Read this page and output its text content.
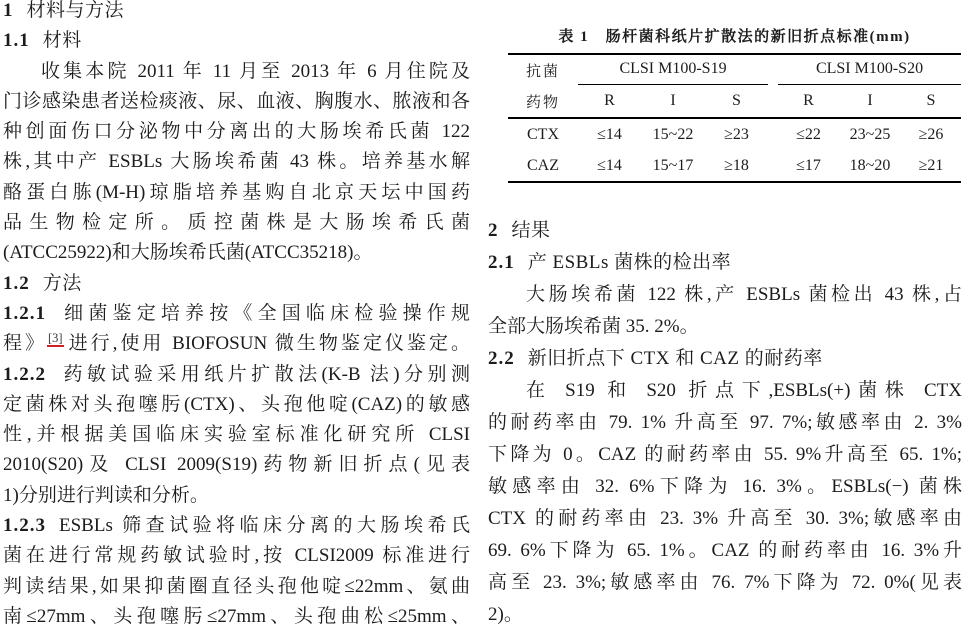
1 材料与方法
1.1 材料
收集本院 2011 年 11 月至 2013 年 6 月住院及
门诊感染患者送检痰液、尿、血液、胸腹水、脓液和各
种创面伤口分泌物中分离出的大肠埃希氏菌 122
株,其中产 ESBLs 大肠埃希菌 43 株。培养基水解
酪蛋白胨(M-H)琼脂培养基购自北京天坛中国药
品生物检定所。质控菌株是大肠埃希氏菌
(ATCC25922)和大肠埃希氏菌(ATCC35218)。
1.2 方法
1.2.1 细菌鉴定培养按《全国临床检验操作规
程》[3] 进行,使用 BIOFOSUN 微生物鉴定仪鉴定。
1.2.2 药敏试验采用纸片扩散法(K-B 法)分别测
定菌株对头孢噻肟(CTX)、头孢他啶(CAZ)的敏感
性,并根据美国临床实验室标准化研究所 CLSI
2010(S20)及 CLSI 2009(S19)药物新旧折点(见表
1)分别进行判读和分析。
1.2.3 ESBLs 筛查试验将临床分离的大肠埃希氏
菌在进行常规药敏试验时,按 CLSI2009 标准进行
判读结果,如果抑菌圈直径头孢他啶≤22mm、氨曲
南≤27mm、头孢噻肟≤27mm、头孢曲松≤25mm、
表 1　肠杆菌科纸片扩散法的新旧折点标准(mm)
抗菌	CLSI M100-S19	CLSI M100-S20
药物	R	I	S	R	I	S
CTX	≤14	15~22	≥23	≤22	23~25	≥26
CAZ	≤14	15~17	≥18	≤17	18~20	≥21
2 结果
2.1 产 ESBLs 菌株的检出率
大肠埃希菌 122 株,产 ESBLs 菌检出 43 株,占
全部大肠埃希菌 35. 2%。
2.2 新旧折点下 CTX 和 CAZ 的耐药率
在 S19 和 S20 折点下,ESBLs(+)菌株 CTX
的耐药率由 79. 1% 升高至 97. 7%;敏感率由 2. 3%
下降为 0。CAZ 的耐药率由 55. 9%升高至 65. 1%;
敏感率由 32. 6%下降为 16. 3%。ESBLs(−) 菌株
CTX 的耐药率由 23. 3% 升高至 30. 3%;敏感率由
69. 6%下降为 65. 1%。CAZ 的耐药率由 16. 3%升
高至 23. 3%;敏感率由 76. 7%下降为 72. 0%(见表
2)。
